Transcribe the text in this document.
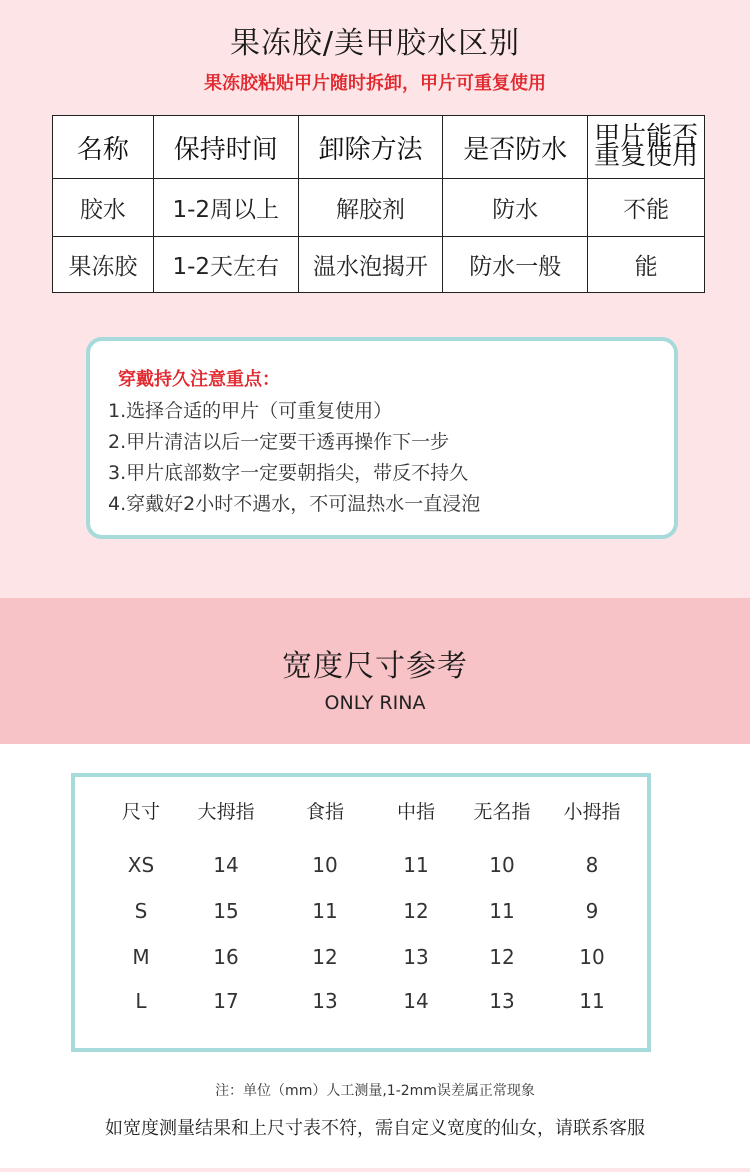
果冻胶/美甲胶水区别
果冻胶粘贴甲片随时拆卸，甲片可重复使用
名称	保持时间	卸除方法	是否防水	甲片能否
重复使用
胶水	1-2周以上	解胶剂	防水	不能
果冻胶	1-2天左右	温水泡揭开	防水一般	能
穿戴持久注意重点：
1.选择合适的甲片（可重复使用）
2.甲片清洁以后一定要干透再操作下一步
3.甲片底部数字一定要朝指尖，带反不持久
4.穿戴好2小时不遇水，不可温热水一直浸泡
宽度尺寸参考
ONLY RINA
尺寸	大拇指	食指	中指	无名指	小拇指
XS	14	10	11	10	8
S	15	11	12	11	9
M	16	12	13	12	10
L	17	13	14	13	11
注：单位（mm）人工测量,1-2mm误差属正常现象
如宽度测量结果和上尺寸表不符，需自定义宽度的仙女，请联系客服
